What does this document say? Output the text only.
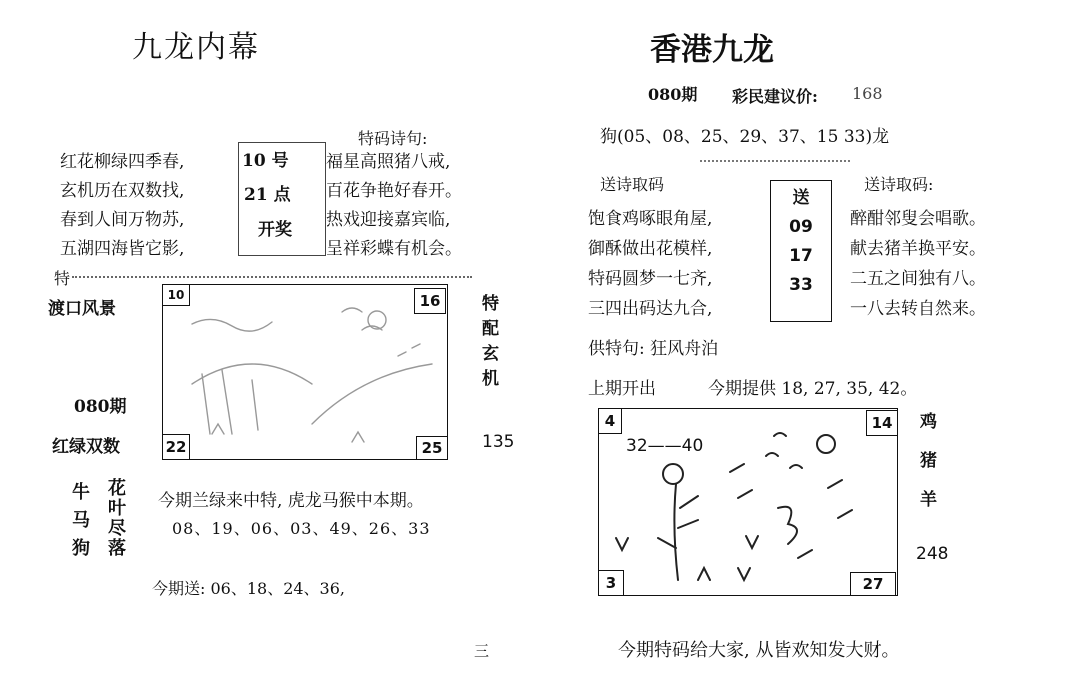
九龙内幕
特码诗句:
红花柳绿四季春,
玄机历在双数找,
春到人间万物苏,
五湖四海皆它影,
10 号
21 点
开奖
福星高照猪八戒,
百花争艳好春开。
热戏迎接嘉宾临,
呈祥彩蝶有机会。
特
渡口风景
080期
红绿双数
10	16
22	25
特
配
玄
机
135
牛
马
狗
花
叶
尽
落
今期兰绿来中特, 虎龙马猴中本期。
08、19、06、03、49、26、33
今期送: 06、18、24、36,
三
香港九龙
080期 彩民建议价: 168
狗(05、08、25、29、37、15 33)龙
送诗取码	送诗取码:
饱食鸡啄眼角屋,
御酥做出花模样,
特码圆梦一七齐,
三四出码达九合,
送
09
17
33
醉酣邻叟会唱歌。
献去猪羊换平安。
二五之间独有八。
一八去转自然来。
供特句: 狂风舟泊
上期开出	今期提供 18, 27, 35, 42。
4	14
3	27
32——40
鸡
猪
羊
248
今期特码给大家, 从皆欢知发大财。
